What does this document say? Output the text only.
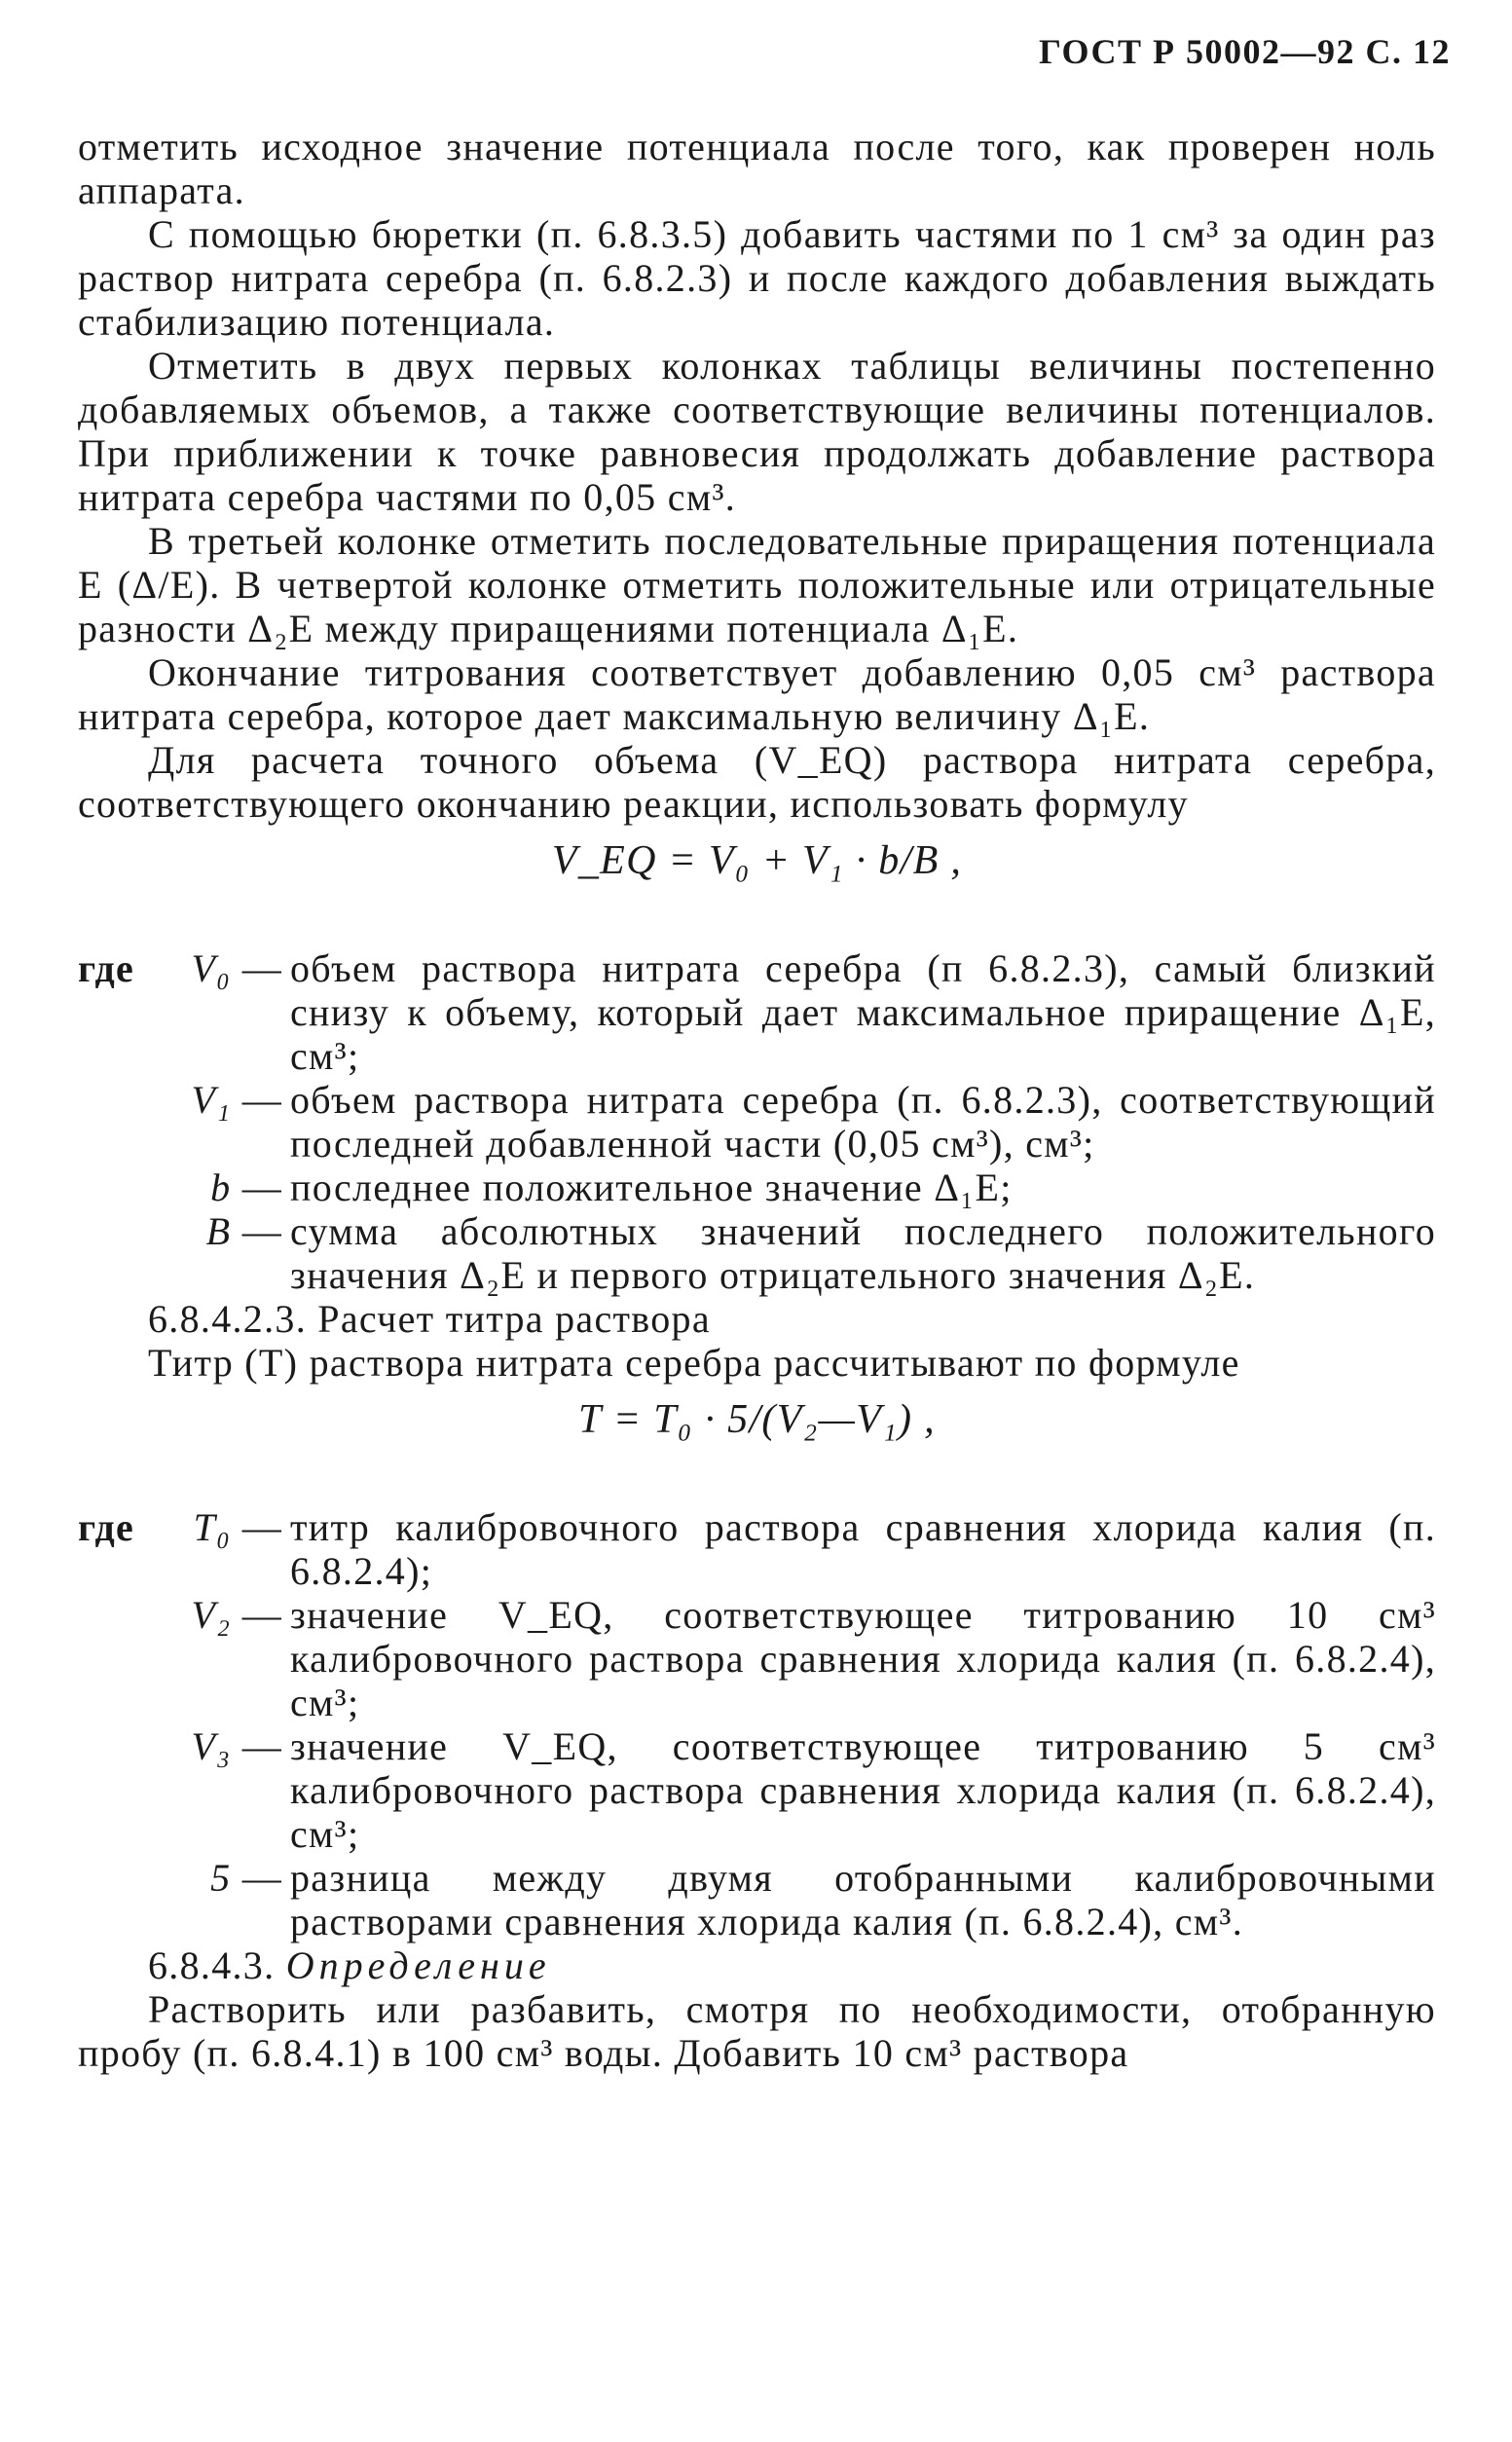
ГОСТ Р 50002—92 С. 12

отметить исходное значение потенциала после того, как проверен ноль аппарата.

С помощью бюретки (п. 6.8.3.5) добавить частями по 1 см³ за один раз раствор нитрата серебра (п. 6.8.2.3) и после каждого добавления выждать стабилизацию потенциала.

Отметить в двух первых колонках таблицы величины постепенно добавляемых объемов, а также соответствующие величины потенциалов. При приближении к точке равновесия продолжать добавление раствора нитрата серебра частями по 0,05 см³.

В третьей колонке отметить последовательные приращения потенциала E (Δ/E). В четвертой колонке отметить положительные или отрицательные разности Δ₂E между приращениями потенциала Δ₁E.

Окончание титрования соответствует добавлению 0,05 см³ раствора нитрата серебра, которое дает максимальную величину Δ₁E.

Для расчета точного объема (V_EQ) раствора нитрата серебра, соответствующего окончанию реакции, использовать формулу

V_EQ = V₀ + V₁ · b/B ,
где V₀ — объем раствора нитрата серебра (п 6.8.2.3), самый близкий снизу к объему, который дает максимальное приращение Δ₁E, см³;
V₁ — объем раствора нитрата серебра (п. 6.8.2.3), соответствующий последней добавленной части (0,05 см³), см³;
b — последнее положительное значение Δ₁E;
B — сумма абсолютных значений последнего положительного значения Δ₂E и первого отрицательного значения Δ₂E.

6.8.4.2.3. Расчет титра раствора

Титр (T) раствора нитрата серебра рассчитывают по формуле

T = T₀ · 5/(V₂—V₁) ,
где T₀ — титр калибровочного раствора сравнения хлорида калия (п. 6.8.2.4);
V₂ — значение V_EQ, соответствующее титрованию 10 см³ калибровочного раствора сравнения хлорида калия (п. 6.8.2.4), см³;
V₃ — значение V_EQ, соответствующее титрованию 5 см³ калибровочного раствора сравнения хлорида калия (п. 6.8.2.4), см³;
5 — разница между двумя отобранными калибровочными растворами сравнения хлорида калия (п. 6.8.2.4), см³.

6.8.4.3. Определение

Растворить или разбавить, смотря по необходимости, отобранную пробу (п. 6.8.4.1) в 100 см³ воды. Добавить 10 см³ раствора
